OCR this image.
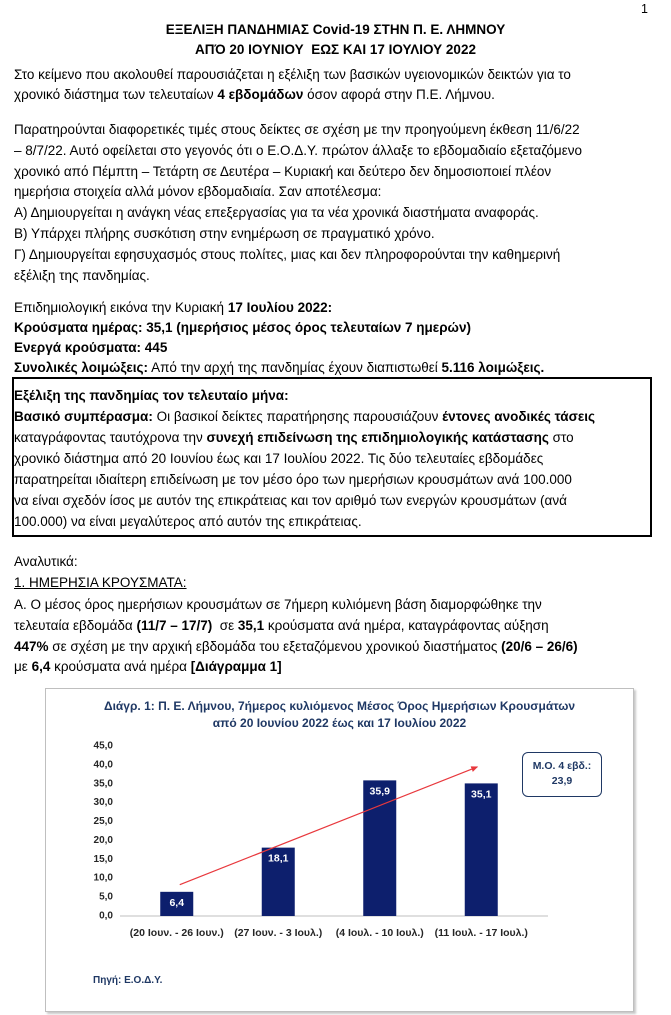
1
ΕΞΕΛΙΞΗ ΠΑΝΔΗΜΙΑΣ Covid-19 ΣΤΗΝ Π. Ε. ΛΗΜΝΟΥ
ΑΠΌ 20 ΙΟΥΝΙΟΥ  ΕΩΣ ΚΑΙ 17 ΙΟΥΛΙΟΥ 2022
Στο κείμενο που ακολουθεί παρουσιάζεται η εξέλιξη των βασικών υγειονομικών δεικτών για το
χρονικό διάστημα των τελευταίων 4 εβδομάδων όσον αφορά στην Π.Ε. Λήμνου.
Παρατηρούνται διαφορετικές τιμές στους δείκτες σε σχέση με την προηγούμενη έκθεση 11/6/22
– 8/7/22. Αυτό οφείλεται στο γεγονός ότι ο Ε.Ο.Δ.Υ. πρώτον άλλαξε το εβδομαδιαίο εξεταζόμενο
χρονικό από Πέμπτη – Τετάρτη σε Δευτέρα – Κυριακή και δεύτερο δεν δημοσιοποιεί πλέον
ημερήσια στοιχεία αλλά μόνον εβδομαδιαία. Σαν αποτέλεσμα:
Α) Δημιουργείται η ανάγκη νέας επεξεργασίας για τα νέα χρονικά διαστήματα αναφοράς.
Β) Υπάρχει πλήρης συσκότιση στην ενημέρωση σε πραγματικό χρόνο.
Γ) Δημιουργείται εφησυχασμός στους πολίτες, μιας και δεν πληροφορούνται την καθημερινή
εξέλιξη της πανδημίας.
Επιδημιολογική εικόνα την Κυριακή 17 Ιουλίου 2022:
Κρούσματα ημέρας: 35,1 (ημερήσιος μέσος όρος τελευταίων 7 ημερών)
Ενεργά κρούσματα: 445
Συνολικές λοιμώξεις: Από την αρχή της πανδημίας έχουν διαπιστωθεί 5.116 λοιμώξεις.
Εξέλιξη της πανδημίας τον τελευταίο μήνα:
Βασικό συμπέρασμα: Οι βασικοί δείκτες παρατήρησης παρουσιάζουν έντονες ανοδικές τάσεις
καταγράφοντας ταυτόχρονα την συνεχή επιδείνωση της επιδημιολογικής κατάστασης στο
χρονικό διάστημα από 20 Ιουνίου έως και 17 Ιουλίου 2022. Τις δύο τελευταίες εβδομάδες
παρατηρείται ιδιαίτερη επιδείνωση με τον μέσο όρο των ημερήσιων κρουσμάτων ανά 100.000
να είναι σχεδόν ίσος με αυτόν της επικράτειας και τον αριθμό των ενεργών κρουσμάτων (ανά
100.000) να είναι μεγαλύτερος από αυτόν της επικράτειας.
Αναλυτικά:
1. ΗΜΕΡΗΣΙΑ ΚΡΟΥΣΜΑΤΑ:
Α. Ο μέσος όρος ημερήσιων κρουσμάτων σε 7ήμερη κυλιόμενη βάση διαμορφώθηκε την
τελευταία εβδομάδα (11/7 – 17/7)  σε 35,1 κρούσματα ανά ημέρα, καταγράφοντας αύξηση
447% σε σχέση με την αρχική εβδομάδα του εξεταζόμενου χρονικού διαστήματος (20/6 – 26/6)
με 6,4 κρούσματα ανά ημέρα [Διάγραμμα 1]
45,0
40,0
35,0
30,0
25,0
20,0
15,0
10,0
5,0
0,0
6,4
(20 Ιουν. - 26 Ιουν.)
18,1
(27 Ιουν. - 3 Ιουλ.)
35,9
(4 Ιουλ. - 10 Ιουλ.)
35,1
(11 Ιουλ. - 17 Ιουλ.)
Διάγρ. 1: Π. Ε. Λήμνου, 7ήμερος κυλιόμενος Μέσος Όρος Ημερήσιων Κρουσμάτων
από 20 Ιουνίου 2022 έως και 17 Ιουλίου 2022
Μ.Ο. 4 εβδ.:
23,9
Πηγή: Ε.Ο.Δ.Υ.
